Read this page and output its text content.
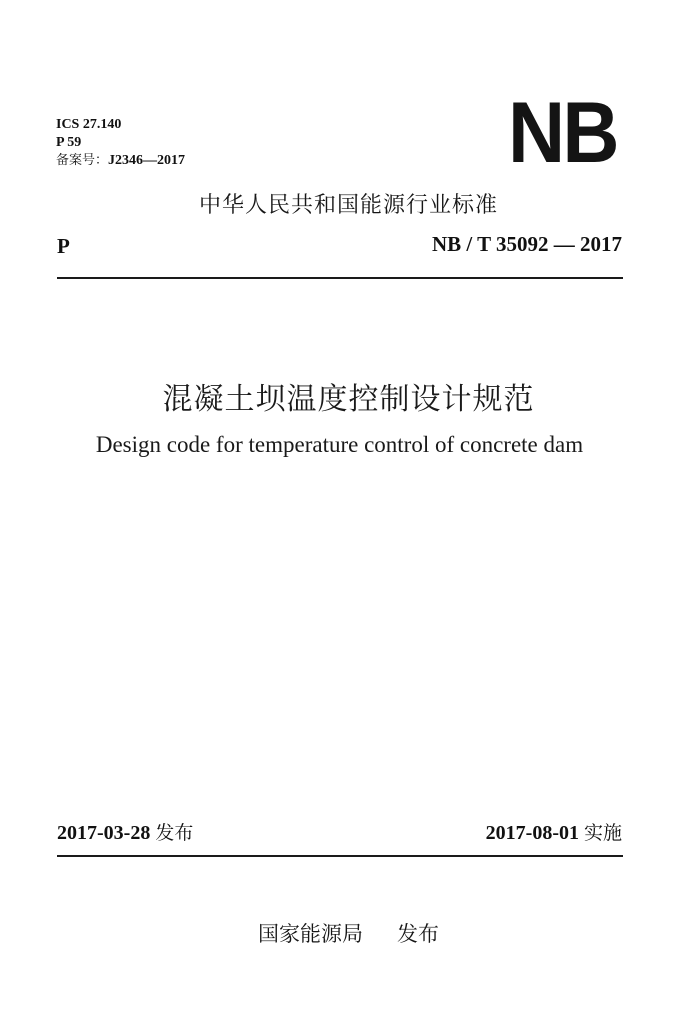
ICS 27.140
P 59
备案号：J2346—2017	NB
中华人民共和国能源行业标准
P	NB / T 35092 — 2017
混凝土坝温度控制设计规范
Design code for temperature control of concrete dam
2017-03-28 发布	2017-08-01 实施
国家能源局 发布
